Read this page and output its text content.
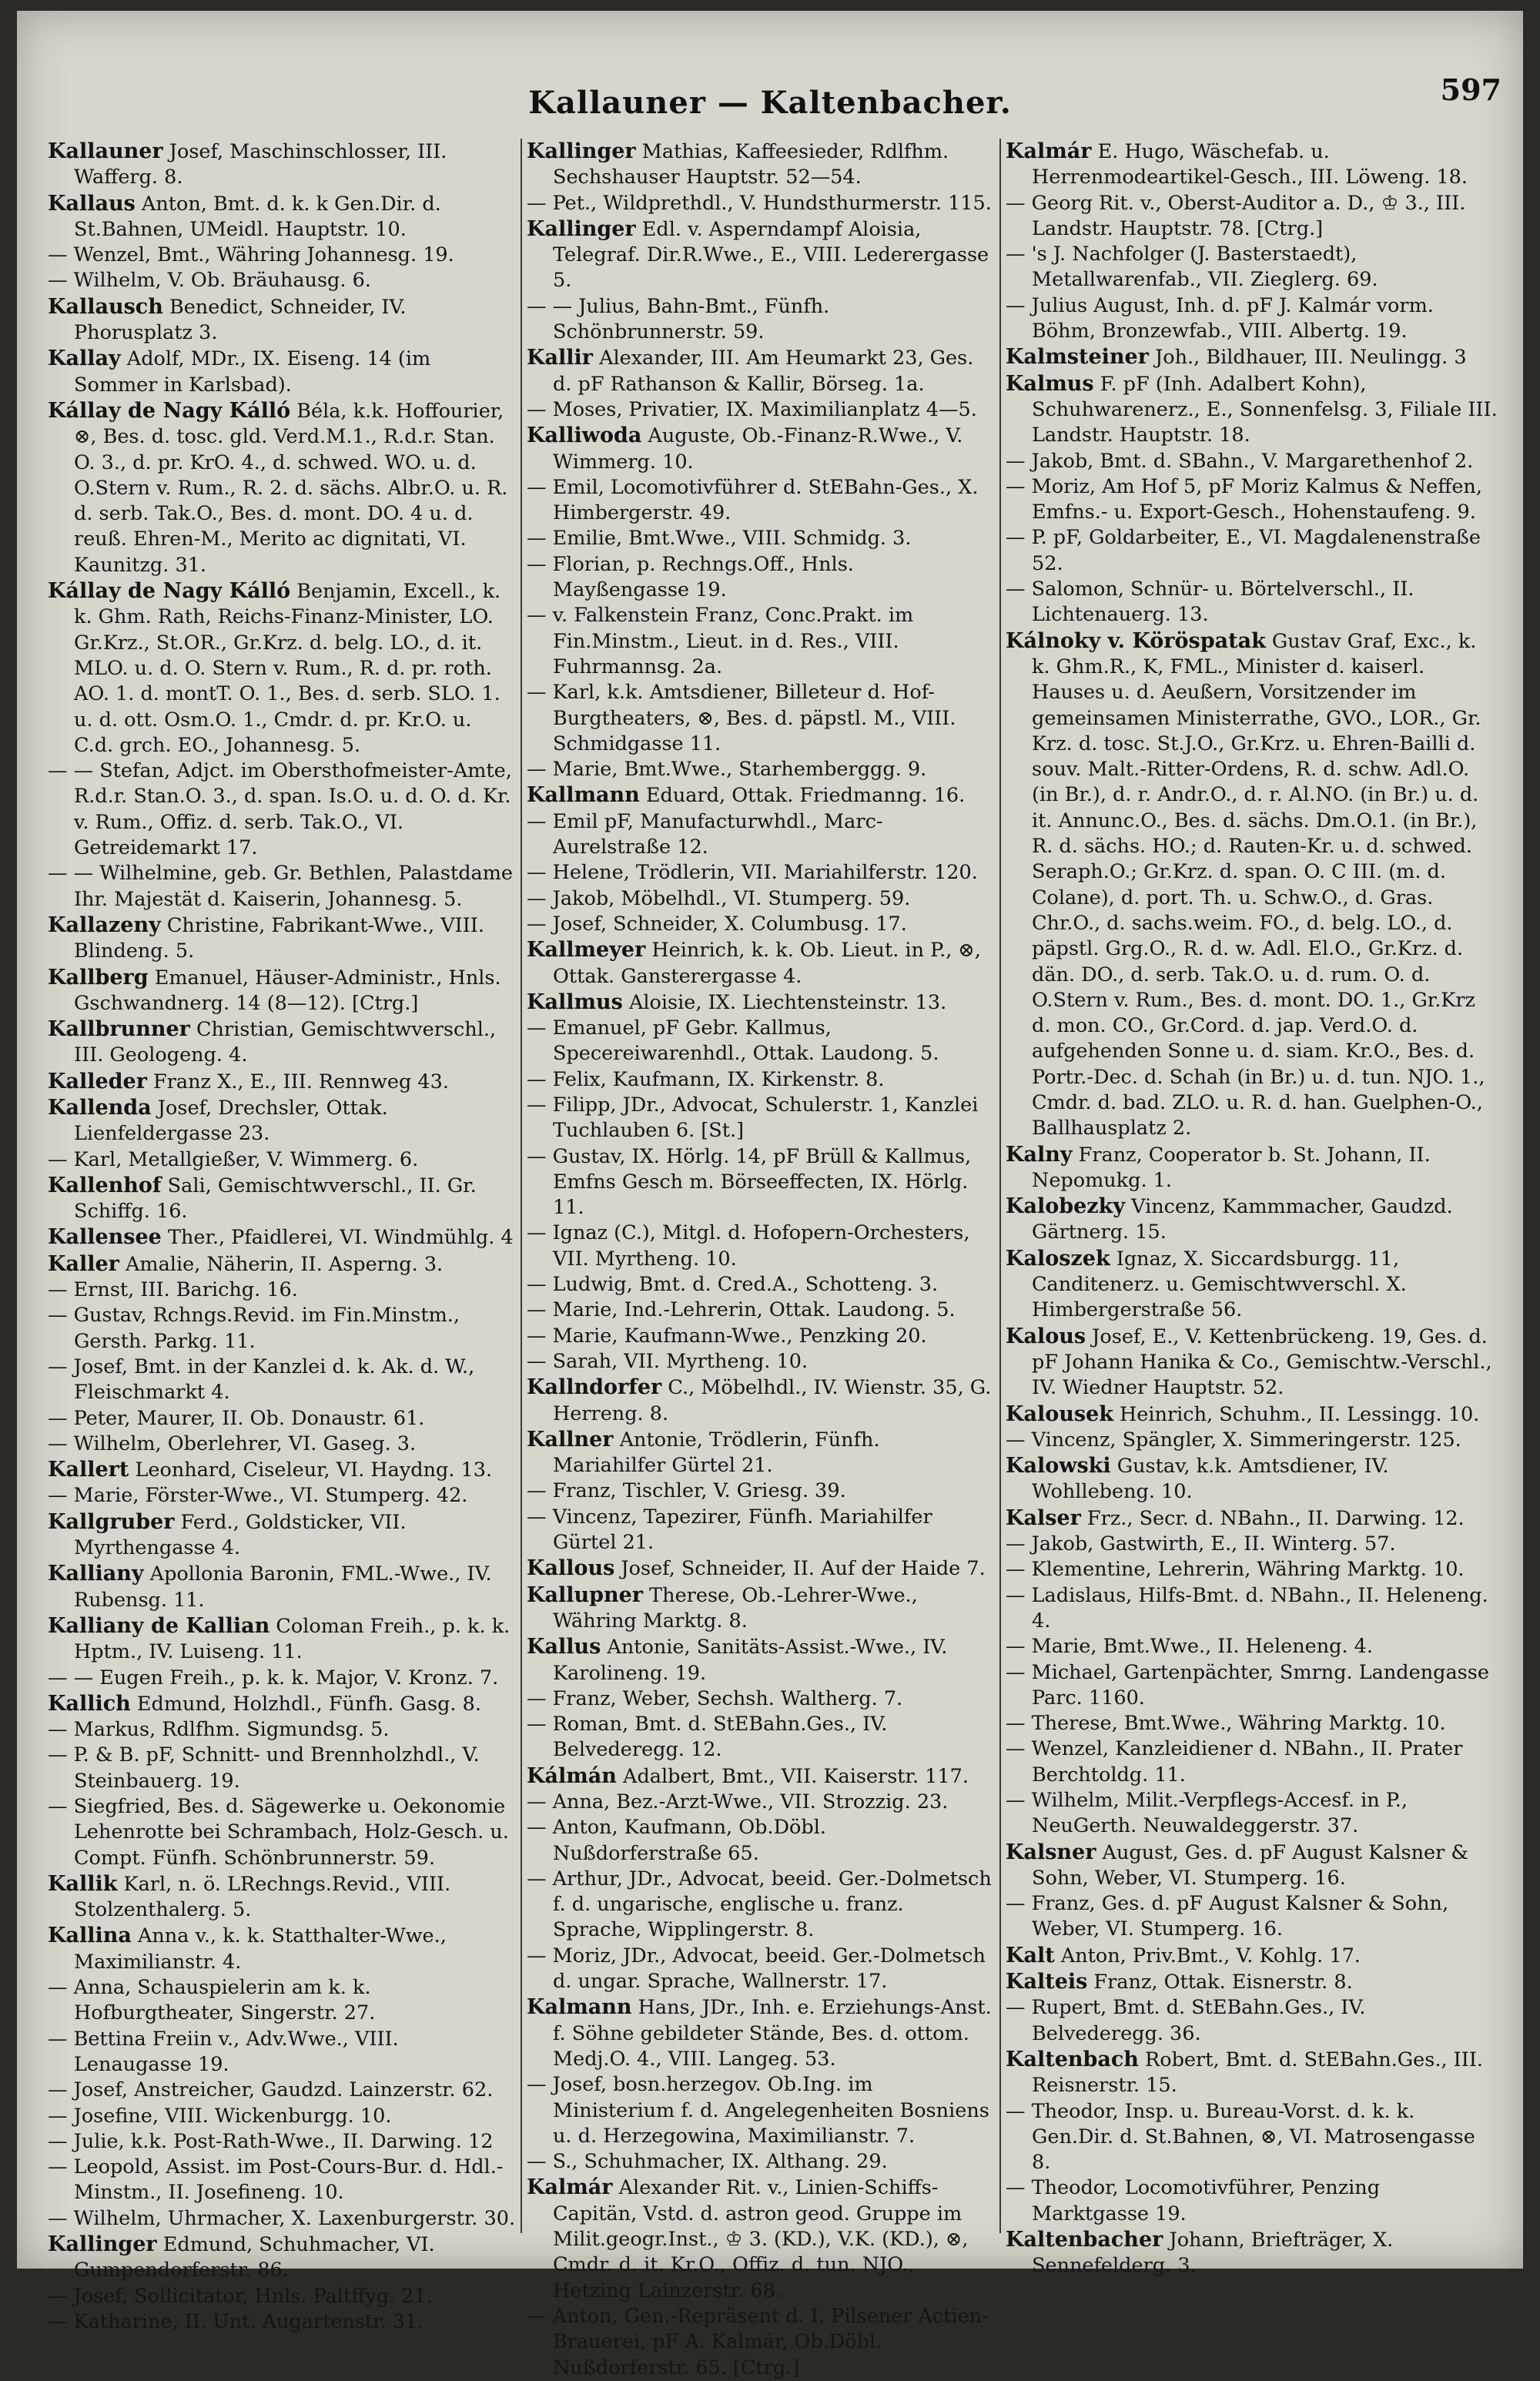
Kallauner — Kaltenbacher.	597

Kallauner Josef, Maschinschlosser, III. Wafferg. 8.

Kallaus Anton, Bmt. d. k. k Gen.Dir. d. St.Bahnen, UMeidl. Hauptstr. 10.

— Wenzel, Bmt., Währing Johannesg. 19.

— Wilhelm, V. Ob. Bräuhausg. 6.

Kallausch Benedict, Schneider, IV. Phorusplatz 3.

Kallay Adolf, MDr., IX. Eiseng. 14 (im Sommer in Karlsbad).

Kállay de Nagy Kálló Béla, k.k. Hoffourier, ⊗, Bes. d. tosc. gld. Verd.M.1., R.d.r. Stan. O. 3., d. pr. KrO. 4., d. schwed. WO. u. d. O.Stern v. Rum., R. 2. d. sächs. Albr.O. u. R. d. serb. Tak.O., Bes. d. mont. DO. 4 u. d. reuß. Ehren-M., Merito ac dignitati, VI. Kaunitzg. 31.

Kállay de Nagy Kálló Benjamin, Excell., k. k. Ghm. Rath, Reichs-Finanz-Minister, LO. Gr.Krz., St.OR., Gr.Krz. d. belg. LO., d. it. MLO. u. d. O. Stern v. Rum., R. d. pr. roth. AO. 1. d. montT. O. 1., Bes. d. serb. SLO. 1. u. d. ott. Osm.O. 1., Cmdr. d. pr. Kr.O. u. C.d. grch. EO., Johannesg. 5.

— — Stefan, Adjct. im Obersthofmeister-Amte, R.d.r. Stan.O. 3., d. span. Is.O. u. d. O. d. Kr. v. Rum., Offiz. d. serb. Tak.O., VI. Getreidemarkt 17.

— — Wilhelmine, geb. Gr. Bethlen, Palastdame Ihr. Majestät d. Kaiserin, Johannesg. 5.

Kallazeny Christine, Fabrikant-Wwe., VIII. Blindeng. 5.

Kallberg Emanuel, Häuser-Administr., Hnls. Gschwandnerg. 14 (8—12). [Ctrg.]

Kallbrunner Christian, Gemischtwverschl., III. Geologeng. 4.

Kalleder Franz X., E., III. Rennweg 43.

Kallenda Josef, Drechsler, Ottak. Lienfeldergasse 23.

— Karl, Metallgießer, V. Wimmerg. 6.

Kallenhof Sali, Gemischtwverschl., II. Gr. Schiffg. 16.

Kallensee Ther., Pfaidlerei, VI. Windmühlg. 4

Kaller Amalie, Näherin, II. Asperng. 3.

— Ernst, III. Barichg. 16.

— Gustav, Rchngs.Revid. im Fin.Minstm., Gersth. Parkg. 11.

— Josef, Bmt. in der Kanzlei d. k. Ak. d. W., Fleischmarkt 4.

— Peter, Maurer, II. Ob. Donaustr. 61.

— Wilhelm, Oberlehrer, VI. Gaseg. 3.

Kallert Leonhard, Ciseleur, VI. Haydng. 13.

— Marie, Förster-Wwe., VI. Stumperg. 42.

Kallgruber Ferd., Goldsticker, VII. Myrthengasse 4.

Kalliany Apollonia Baronin, FML.-Wwe., IV. Rubensg. 11.

Kalliany de Kallian Coloman Freih., p. k. k. Hptm., IV. Luiseng. 11.

— — Eugen Freih., p. k. k. Major, V. Kronz. 7.

Kallich Edmund, Holzhdl., Fünfh. Gasg. 8.

— Markus, Rdlfhm. Sigmundsg. 5.

— P. & B. pF, Schnitt- und Brennholzhdl., V. Steinbauerg. 19.

— Siegfried, Bes. d. Sägewerke u. Oekonomie Lehenrotte bei Schrambach, Holz-Gesch. u. Compt. Fünfh. Schönbrunnerstr. 59.

Kallik Karl, n. ö. LRechngs.Revid., VIII. Stolzenthalerg. 5.

Kallina Anna v., k. k. Statthalter-Wwe., Maximilianstr. 4.

— Anna, Schauspielerin am k. k. Hofburgtheater, Singerstr. 27.

— Bettina Freiin v., Adv.Wwe., VIII. Lenaugasse 19.

— Josef, Anstreicher, Gaudzd. Lainzerstr. 62.

— Josefine, VIII. Wickenburgg. 10.

— Julie, k.k. Post-Rath-Wwe., II. Darwing. 12

— Leopold, Assist. im Post-Cours-Bur. d. Hdl.-Minstm., II. Josefineng. 10.

— Wilhelm, Uhrmacher, X. Laxenburgerstr. 30.

Kallinger Edmund, Schuhmacher, VI. Gumpendorferstr. 86.

— Josef, Sollicitator, Hnls. Paltffyg. 21.

— Katharine, II. Unt. Augartenstr. 31.

Kallinger Mathias, Kaffeesieder, Rdlfhm. Sechshauser Hauptstr. 52—54.

— Pet., Wildprethdl., V. Hundsthurmerstr. 115.

Kallinger Edl. v. Asperndampf Aloisia, Telegraf. Dir.R.Wwe., E., VIII. Lederergasse 5.

— — Julius, Bahn-Bmt., Fünfh. Schönbrunnerstr. 59.

Kallir Alexander, III. Am Heumarkt 23, Ges. d. pF Rathanson & Kallir, Börseg. 1a.

— Moses, Privatier, IX. Maximilianplatz 4—5.

Kalliwoda Auguste, Ob.-Finanz-R.Wwe., V. Wimmerg. 10.

— Emil, Locomotivführer d. StEBahn-Ges., X. Himbergerstr. 49.

— Emilie, Bmt.Wwe., VIII. Schmidg. 3.

— Florian, p. Rechngs.Off., Hnls. Mayßengasse 19.

— v. Falkenstein Franz, Conc.Prakt. im Fin.Minstm., Lieut. in d. Res., VIII. Fuhrmannsg. 2a.

— Karl, k.k. Amtsdiener, Billeteur d. Hof-Burgtheaters, ⊗, Bes. d. päpstl. M., VIII. Schmidgasse 11.

— Marie, Bmt.Wwe., Starhemberggg. 9.

Kallmann Eduard, Ottak. Friedmanng. 16.

— Emil pF, Manufacturwhdl., Marc-Aurelstraße 12.

— Helene, Trödlerin, VII. Mariahilferstr. 120.

— Jakob, Möbelhdl., VI. Stumperg. 59.

— Josef, Schneider, X. Columbusg. 17.

Kallmeyer Heinrich, k. k. Ob. Lieut. in P., ⊗, Ottak. Gansterergasse 4.

Kallmus Aloisie, IX. Liechtensteinstr. 13.

— Emanuel, pF Gebr. Kallmus, Specereiwarenhdl., Ottak. Laudong. 5.

— Felix, Kaufmann, IX. Kirkenstr. 8.

— Filipp, JDr., Advocat, Schulerstr. 1, Kanzlei Tuchlauben 6. [St.]

— Gustav, IX. Hörlg. 14, pF Brüll & Kallmus, Emfns Gesch m. Börseeffecten, IX. Hörlg. 11.

— Ignaz (C.), Mitgl. d. Hofopern-Orchesters, VII. Myrtheng. 10.

— Ludwig, Bmt. d. Cred.A., Schotteng. 3.

— Marie, Ind.-Lehrerin, Ottak. Laudong. 5.

— Marie, Kaufmann-Wwe., Penzking 20.

— Sarah, VII. Myrtheng. 10.

Kallndorfer C., Möbelhdl., IV. Wienstr. 35, G. Herreng. 8.

Kallner Antonie, Trödlerin, Fünfh. Mariahilfer Gürtel 21.

— Franz, Tischler, V. Griesg. 39.

— Vincenz, Tapezirer, Fünfh. Mariahilfer Gürtel 21.

Kallous Josef, Schneider, II. Auf der Haide 7.

Kallupner Therese, Ob.-Lehrer-Wwe., Währing Marktg. 8.

Kallus Antonie, Sanitäts-Assist.-Wwe., IV. Karolineng. 19.

— Franz, Weber, Sechsh. Waltherg. 7.

— Roman, Bmt. d. StEBahn.Ges., IV. Belvederegg. 12.

Kálmán Adalbert, Bmt., VII. Kaiserstr. 117.

— Anna, Bez.-Arzt-Wwe., VII. Strozzig. 23.

— Anton, Kaufmann, Ob.Döbl. Nußdorferstraße 65.

— Arthur, JDr., Advocat, beeid. Ger.-Dolmetsch f. d. ungarische, englische u. franz. Sprache, Wipplingerstr. 8.

— Moriz, JDr., Advocat, beeid. Ger.-Dolmetsch d. ungar. Sprache, Wallnerstr. 17.

Kalmann Hans, JDr., Inh. e. Erziehungs-Anst. f. Söhne gebildeter Stände, Bes. d. ottom. Medj.O. 4., VIII. Langeg. 53.

— Josef, bosn.herzegov. Ob.Ing. im Ministerium f. d. Angelegenheiten Bosniens u. d. Herzegowina, Maximilianstr. 7.

— S., Schuhmacher, IX. Althang. 29.

Kalmár Alexander Rit. v., Linien-Schiffs-Capitän, Vstd. d. astron geod. Gruppe im Milit.geogr.Inst., ♔ 3. (KD.), V.K. (KD.), ⊗, Cmdr. d. it. Kr.O., Offiz. d. tun. NJO., Hetzing Lainzerstr. 68.

— Anton, Gen.-Repräsent d. I. Pilsener Actien-Brauerei, pF A. Kalmár, Ob.Döbl. Nußdorferstr. 65. [Ctrg.]

Kalmár E. Hugo, Wäschefab. u. Herrenmodeartikel-Gesch., III. Löweng. 18.

— Georg Rit. v., Oberst-Auditor a. D., ♔ 3., III. Landstr. Hauptstr. 78. [Ctrg.]

— 's J. Nachfolger (J. Basterstaedt), Metallwarenfab., VII. Zieglerg. 69.

— Julius August, Inh. d. pF J. Kalmár vorm. Böhm, Bronzewfab., VIII. Albertg. 19.

Kalmsteiner Joh., Bildhauer, III. Neulingg. 3

Kalmus F. pF (Inh. Adalbert Kohn), Schuhwarenerz., E., Sonnenfelsg. 3, Filiale III. Landstr. Hauptstr. 18.

— Jakob, Bmt. d. SBahn., V. Margarethenhof 2.

— Moriz, Am Hof 5, pF Moriz Kalmus & Neffen, Emfns.- u. Export-Gesch., Hohenstaufeng. 9.

— P. pF, Goldarbeiter, E., VI. Magdalenenstraße 52.

— Salomon, Schnür- u. Börtelverschl., II. Lichtenauerg. 13.

Kálnoky v. Köröspatak Gustav Graf, Exc., k. k. Ghm.R., K, FML., Minister d. kaiserl. Hauses u. d. Aeußern, Vorsitzender im gemeinsamen Ministerrathe, GVO., LOR., Gr. Krz. d. tosc. St.J.O., Gr.Krz. u. Ehren-Bailli d. souv. Malt.-Ritter-Ordens, R. d. schw. Adl.O. (in Br.), d. r. Andr.O., d. r. Al.NO. (in Br.) u. d. it. Annunc.O., Bes. d. sächs. Dm.O.1. (in Br.), R. d. sächs. HO.; d. Rauten-Kr. u. d. schwed. Seraph.O.; Gr.Krz. d. span. O. C III. (m. d. Colane), d. port. Th. u. Schw.O., d. Gras. Chr.O., d. sachs.weim. FO., d. belg. LO., d. päpstl. Grg.O., R. d. w. Adl. El.O., Gr.Krz. d. dän. DO., d. serb. Tak.O. u. d. rum. O. d. O.Stern v. Rum., Bes. d. mont. DO. 1., Gr.Krz d. mon. CO., Gr.Cord. d. jap. Verd.O. d. aufgehenden Sonne u. d. siam. Kr.O., Bes. d. Portr.-Dec. d. Schah (in Br.) u. d. tun. NJO. 1., Cmdr. d. bad. ZLO. u. R. d. han. Guelphen-O., Ballhausplatz 2.

Kalny Franz, Cooperator b. St. Johann, II. Nepomukg. 1.

Kalobezky Vincenz, Kammmacher, Gaudzd. Gärtnerg. 15.

Kaloszek Ignaz, X. Siccardsburgg. 11, Canditenerz. u. Gemischtwverschl. X. Himbergerstraße 56.

Kalous Josef, E., V. Kettenbrückeng. 19, Ges. d. pF Johann Hanika & Co., Gemischtw.-Verschl., IV. Wiedner Hauptstr. 52.

Kalousek Heinrich, Schuhm., II. Lessingg. 10.

— Vincenz, Spängler, X. Simmeringerstr. 125.

Kalowski Gustav, k.k. Amtsdiener, IV. Wohllebeng. 10.

Kalser Frz., Secr. d. NBahn., II. Darwing. 12.

— Jakob, Gastwirth, E., II. Winterg. 57.

— Klementine, Lehrerin, Währing Marktg. 10.

— Ladislaus, Hilfs-Bmt. d. NBahn., II. Heleneng. 4.

— Marie, Bmt.Wwe., II. Heleneng. 4.

— Michael, Gartenpächter, Smrng. Landengasse Parc. 1160.

— Therese, Bmt.Wwe., Währing Marktg. 10.

— Wenzel, Kanzleidiener d. NBahn., II. Prater Berchtoldg. 11.

— Wilhelm, Milit.-Verpflegs-Accesf. in P., NeuGerth. Neuwaldeggerstr. 37.

Kalsner August, Ges. d. pF August Kalsner & Sohn, Weber, VI. Stumperg. 16.

— Franz, Ges. d. pF August Kalsner & Sohn, Weber, VI. Stumperg. 16.

Kalt Anton, Priv.Bmt., V. Kohlg. 17.

Kalteis Franz, Ottak. Eisnerstr. 8.

— Rupert, Bmt. d. StEBahn.Ges., IV. Belvederegg. 36.

Kaltenbach Robert, Bmt. d. StEBahn.Ges., III. Reisnerstr. 15.

— Theodor, Insp. u. Bureau-Vorst. d. k. k. Gen.Dir. d. St.Bahnen, ⊗, VI. Matrosengasse 8.

— Theodor, Locomotivführer, Penzing Marktgasse 19.

Kaltenbacher Johann, Briefträger, X. Sennefelderg. 3.
